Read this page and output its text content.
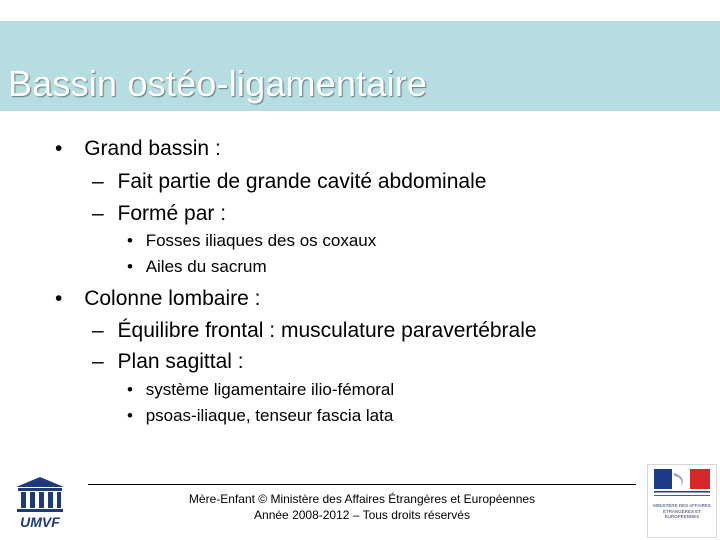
Bassin ostéo-ligamentaire
• Grand bassin :
– Fait partie de grande cavité abdominale
– Formé par :
• Fosses iliaques des os coxaux
• Ailes du sacrum
• Colonne lombaire :
– Équilibre frontal : musculature paravertébrale
– Plan sagittal :
• système ligamentaire ilio-fémoral
• psoas-iliaque, tenseur fascia lata
Mère-Enfant © Ministère des Affaires Étrangères et Européennes
Année 2008-2012 – Tous droits réservés
UMVF
MINISTÈRE DES AFFAIRES ÉTRANGÈRES ET EUROPÉENNES
